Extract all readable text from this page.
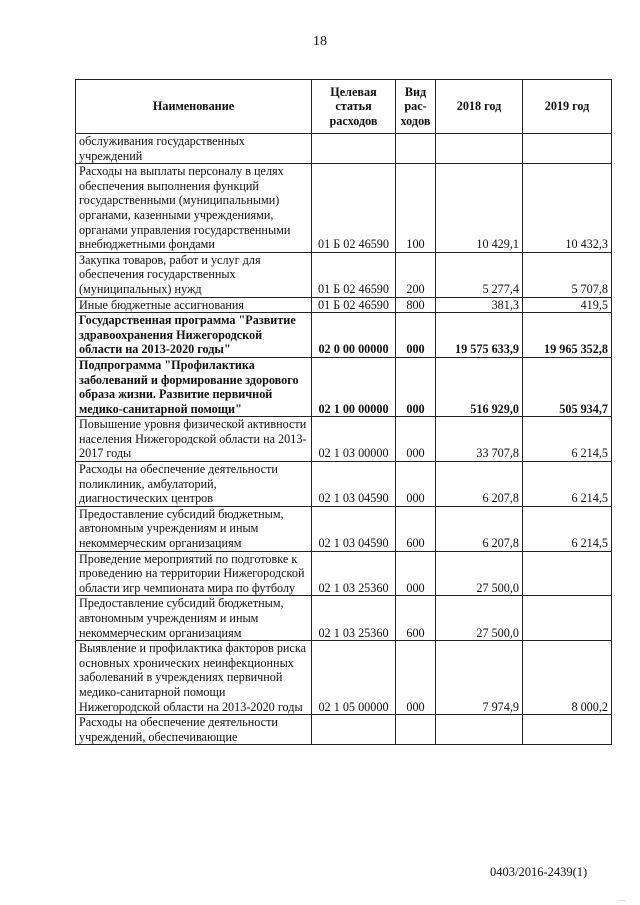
18
Наименование	Целевая статья расходов	Вид рас-ходов	2018 год	2019 год
обслуживания государственных учреждений				
Расходы на выплаты персоналу в целях обеспечения выполнения функций государственными (муниципальными) органами, казенными учреждениями, органами управления государственными внебюджетными фондами	01 Б 02 46590	100	10 429,1	10 432,3
Закупка товаров, работ и услуг для обеспечения государственных (муниципальных) нужд	01 Б 02 46590	200	5 277,4	5 707,8
Иные бюджетные ассигнования	01 Б 02 46590	800	381,3	419,5
Государственная программа "Развитие здравоохранения Нижегородской области на 2013-2020 годы"	02 0 00 00000	000	19 575 633,9	19 965 352,8
Подпрограмма "Профилактика заболеваний и формирование здорового образа жизни. Развитие первичной медико-санитарной помощи"	02 1 00 00000	000	516 929,0	505 934,7
Повышение уровня физической активности населения Нижегородской области на 2013-2017 годы	02 1 03 00000	000	33 707,8	6 214,5
Расходы на обеспечение деятельности поликлиник, амбулаторий, диагностических центров	02 1 03 04590	000	6 207,8	6 214,5
Предоставление субсидий бюджетным, автономным учреждениям и иным некоммерческим организациям	02 1 03 04590	600	6 207,8	6 214,5
Проведение мероприятий по подготовке к проведению на территории Нижегородской области игр чемпионата мира по футболу	02 1 03 25360	000	27 500,0	
Предоставление субсидий бюджетным, автономным учреждениям и иным некоммерческим организациям	02 1 03 25360	600	27 500,0	
Выявление и профилактика факторов риска основных хронических неинфекционных заболеваний в учреждениях первичной медико-санитарной помощи Нижегородской области на 2013-2020 годы	02 1 05 00000	000	7 974,9	8 000,2
Расходы на обеспечение деятельности учреждений, обеспечивающие				
0403/2016-2439(1)
.....
